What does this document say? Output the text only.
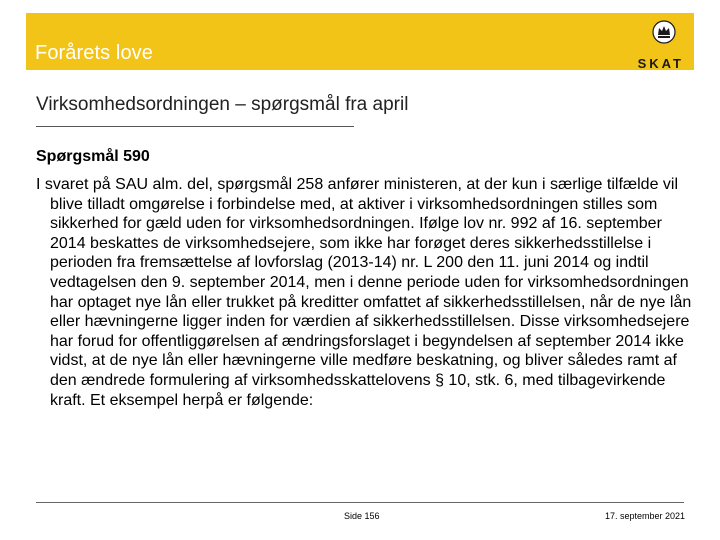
Forårets love	SKAT
Virksomhedsordningen – spørgsmål fra april
Spørgsmål 590

I svaret på SAU alm. del, spørgsmål 258 anfører ministeren, at der kun i særlige tilfælde vil blive tilladt omgørelse i forbindelse med, at aktiver i virksomhedsordningen stilles som sikkerhed for gæld uden for virksomhedsordningen. Ifølge lov nr. 992 af 16. september 2014 beskattes de virksomhedsejere, som ikke har forøget deres sikkerhedsstillelse i perioden fra fremsættelse af lovforslag (2013-14) nr. L 200 den 11. juni 2014 og indtil vedtagelsen den 9. september 2014, men i denne periode uden for virksomhedsordningen har optaget nye lån eller trukket på kreditter omfattet af sikkerhedsstillelsen, når de nye lån eller hævningerne ligger inden for værdien af sikkerhedsstillelsen. Disse virksomhedsejere har forud for offentliggørelsen af ændringsforslaget i begyndelsen af september 2014 ikke vidst, at de nye lån eller hævningerne ville medføre beskatning, og bliver således ramt af den ændrede formulering af virksomhedsskattelovens § 10, stk. 6, med tilbagevirkende kraft. Et eksempel herpå er følgende:

Side 156	17. september 2021
